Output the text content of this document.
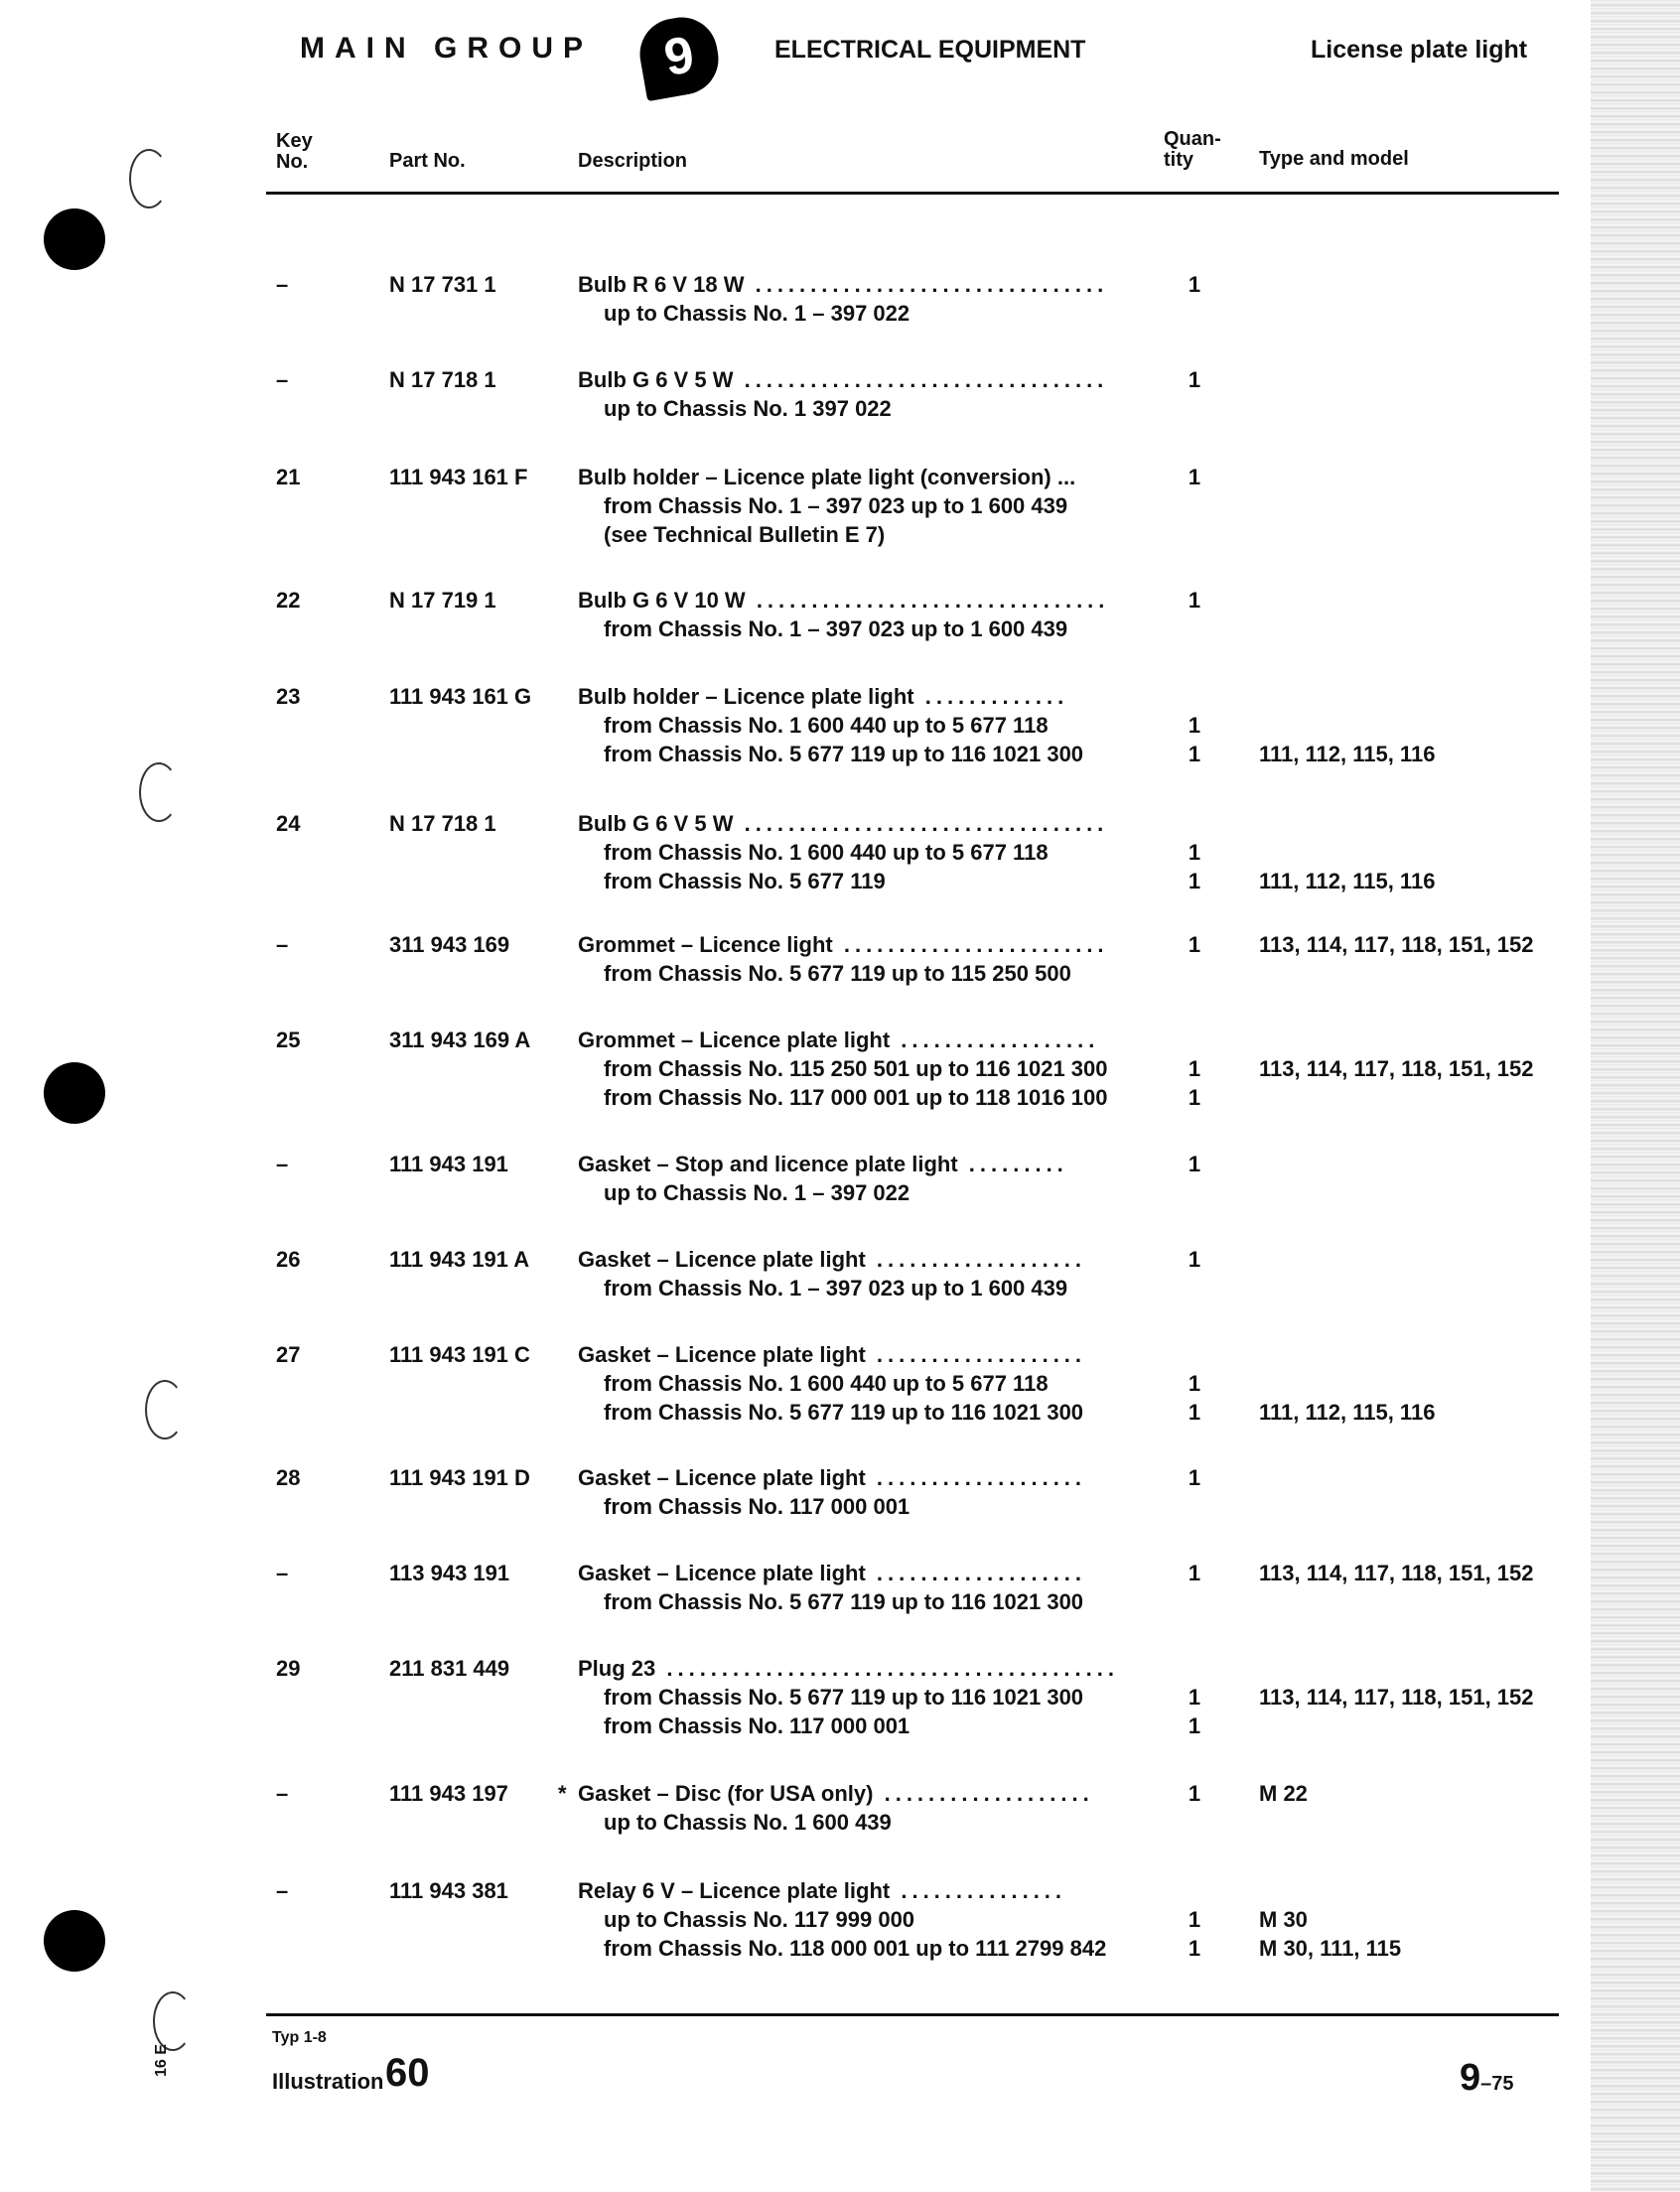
MAIN GROUP	9	ELECTRICAL EQUIPMENT	License plate light
Key
No.	Part No.	Description
Quan-
tity	Type and model
–	N 17 731 1	Bulb R 6 V 18 W ................................	1
up to Chassis No. 1 – 397 022
–	N 17 718 1	Bulb G 6 V 5 W .................................	1
up to Chassis No. 1 397 022
21	111 943 161 F Bulb holder – Licence plate light (conversion) ...	1
from Chassis No. 1 – 397 023 up to 1 600 439
(see Technical Bulletin E 7)
22	N 17 719 1	Bulb G 6 V 10 W ................................	1
from Chassis No. 1 – 397 023 up to 1 600 439
23	111 943 161 G Bulb holder – Licence plate light .............
from Chassis No. 1 600 440 up to 5 677 118	1
from Chassis No. 5 677 119 up to 116 1021 300	1	111, 112, 115, 116
24	N 17 718 1	Bulb G 6 V 5 W .................................
from Chassis No. 1 600 440 up to 5 677 118	1
from Chassis No. 5 677 119	1	111, 112, 115, 116
–	311 943 169	Grommet – Licence light ........................	1	113, 114, 117, 118, 151, 152
from Chassis No. 5 677 119 up to 115 250 500
25	311 943 169 A Grommet – Licence plate light ..................
from Chassis No. 115 250 501 up to 116 1021 300	1	113, 114, 117, 118, 151, 152
from Chassis No. 117 000 001 up to 118 1016 100	1
–	111 943 191	Gasket – Stop and licence plate light .........	1
up to Chassis No. 1 – 397 022
26	111 943 191 A Gasket – Licence plate light ...................	1
from Chassis No. 1 – 397 023 up to 1 600 439
27	111 943 191 C Gasket – Licence plate light ...................
from Chassis No. 1 600 440 up to 5 677 118	1
from Chassis No. 5 677 119 up to 116 1021 300	1	111, 112, 115, 116
28	111 943 191 D Gasket – Licence plate light ...................	1
from Chassis No. 117 000 001
–	113 943 191	Gasket – Licence plate light ...................	1	113, 114, 117, 118, 151, 152
from Chassis No. 5 677 119 up to 116 1021 300
29	211 831 449	Plug 23 .........................................
from Chassis No. 5 677 119 up to 116 1021 300	1	113, 114, 117, 118, 151, 152
from Chassis No. 117 000 001	1
–	111 943 197 * Gasket – Disc (for USA only) ...................	1	M 22
up to Chassis No. 1 600 439
–	111 943 381	Relay 6 V – Licence plate light ...............
up to Chassis No. 117 999 000	1	M 30
from Chassis No. 118 000 001 up to 111 2799 842	1	M 30, 111, 115
Typ 1-8
Illustration 60	9–75
16 E
